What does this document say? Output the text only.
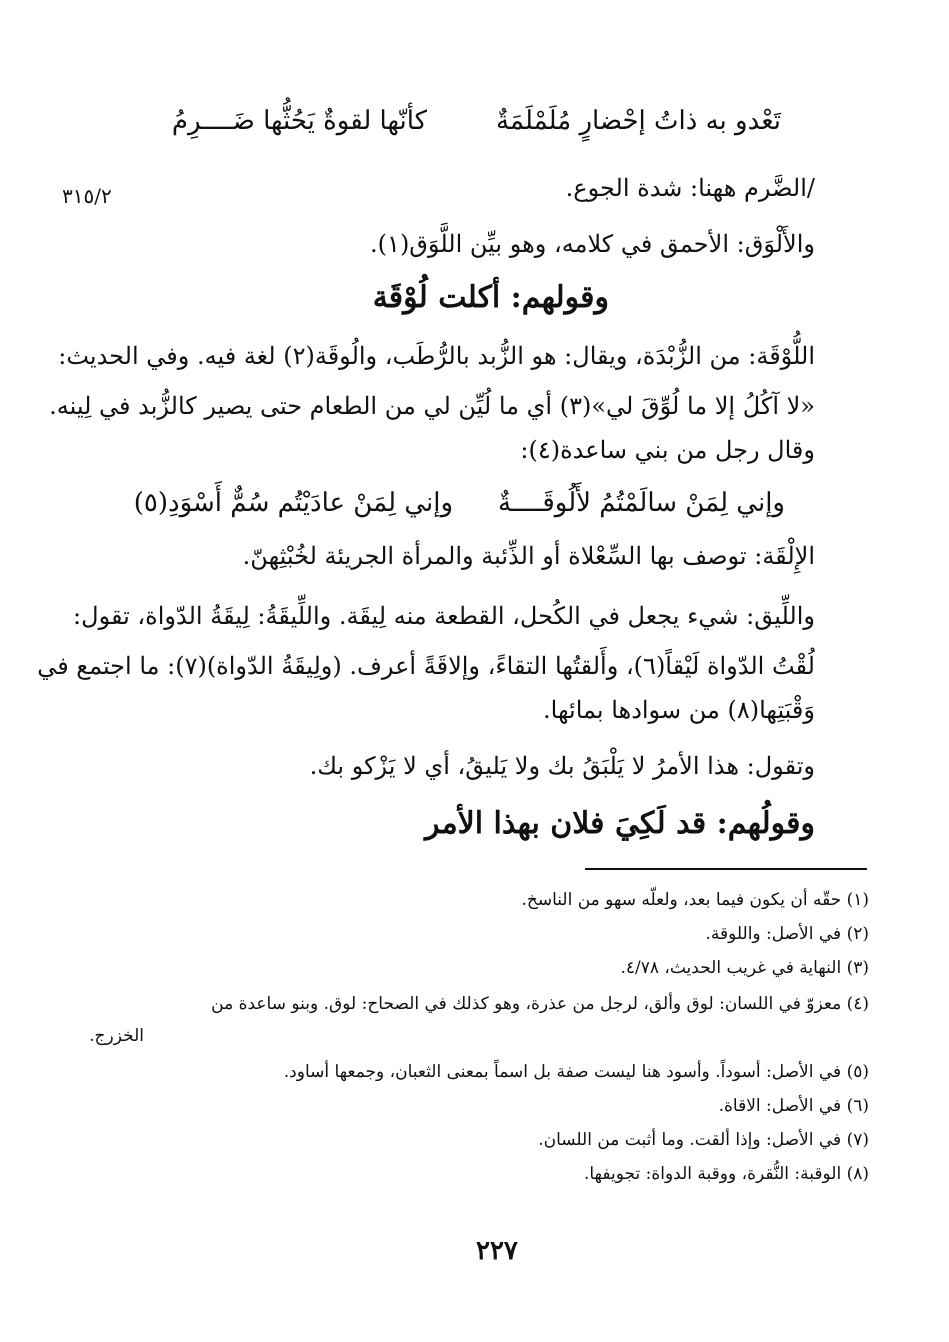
تَعْدو به ذاتُ إحْضارٍ مُلَمْلَمَةٌ
كأنّها لقوةٌ يَحُثُّها ضَــــرِمُ
٣١٥/٢	/الضَّرم ههنا: شدة الجوع.
والأَلْوَق: الأحمق في كلامه، وهو بيِّن اللَّوَق(١).
وقولهم: أكلت لُوْقَة
اللُّوْقَة: من الزُّبْدَة، ويقال: هو الزُّبد بالرُّطَب، والُوقَة(٢) لغة فيه. وفي الحديث:
«لا آكُلُ إلا ما لُوِّقَ لي»(٣) أي ما لُيِّن لي من الطعام حتى يصير كالزُّبد في لِينه.
وقال رجل من بني ساعدة(٤):
وإني لِمَنْ سالَمْتُمُ لأَلُوقَــــةٌ
وإني لِمَنْ عادَيْتُم سُمٌّ أَسْوَدِ(٥)
الإِلْقَة: توصف بها السِّعْلاة أو الذِّئبة والمرأة الجريئة لخُبْثِهنّ.
واللِّيق: شيء يجعل في الكُحل، القطعة منه لِيقَة. واللِّيقَةُ: لِيقَةُ الدّواة، تقول:
لُقْتُ الدّواة لَيْقاً(٦)، وأَلقتُها التقاءً، وإلاقَةً أعرف. (ولِيقَةُ الدّواة)(٧): ما اجتمع في
وَقْبَتِها(٨) من سوادها بمائها.
وتقول: هذا الأمرُ لا يَلْبَقُ بك ولا يَليقُ، أي لا يَزْكو بك.
وقولُهم: قد لَكِيَ فلان بهذا الأمر
(١) حقّه أن يكون فيما بعد، ولعلّه سهو من الناسخ.
(٢) في الأصل: واللوقة.
(٣) النهاية في غريب الحديث، ٤/٧٨.
(٤) معزوّ في اللسان: لوق وألق، لرجل من عذرة، وهو كذلك في الصحاح: لوق. وبنو ساعدة من
الخزرج.
(٥) في الأصل: أسوداً. وأسود هنا ليست صفة بل اسماً بمعنى الثعبان، وجمعها أساود.
(٦) في الأصل: الاقاة.
(٧) في الأصل: وإذا ألقت. وما أثبت من اللسان.
(٨) الوقبة: النُّقرة، ووقبة الدواة: تجويفها.
٢٢٧
